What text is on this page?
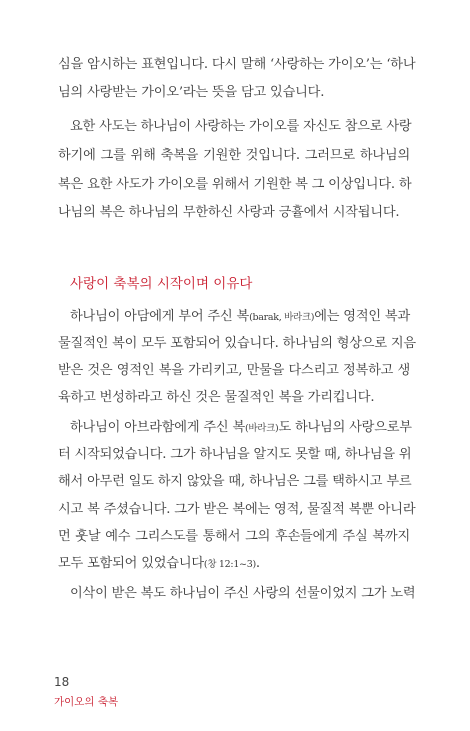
심을 암시하는 표현입니다. 다시 말해 ‘사랑하는 가이오’는 ‘하나
님의 사랑받는 가이오’라는 뜻을 담고 있습니다.
요한 사도는 하나님이 사랑하는 가이오를 자신도 참으로 사랑
하기에 그를 위해 축복을 기원한 것입니다. 그러므로 하나님의
복은 요한 사도가 가이오를 위해서 기원한 복 그 이상입니다. 하
나님의 복은 하나님의 무한하신 사랑과 긍휼에서 시작됩니다.
사랑이 축복의 시작이며 이유다
하나님이 아담에게 부어 주신 복(barak, 바라크)에는 영적인 복과
물질적인 복이 모두 포함되어 있습니다. 하나님의 형상으로 지음
받은 것은 영적인 복을 가리키고, 만물을 다스리고 정복하고 생
육하고 번성하라고 하신 것은 물질적인 복을 가리킵니다.
하나님이 아브라함에게 주신 복(바라크)도 하나님의 사랑으로부
터 시작되었습니다. 그가 하나님을 알지도 못할 때, 하나님을 위
해서 아무런 일도 하지 않았을 때, 하나님은 그를 택하시고 부르
시고 복 주셨습니다. 그가 받은 복에는 영적, 물질적 복뿐 아니라
먼 훗날 예수 그리스도를 통해서 그의 후손들에게 주실 복까지
모두 포함되어 있었습니다(창 12:1~3).
이삭이 받은 복도 하나님이 주신 사랑의 선물이었지 그가 노력
18
가이오의 축복
